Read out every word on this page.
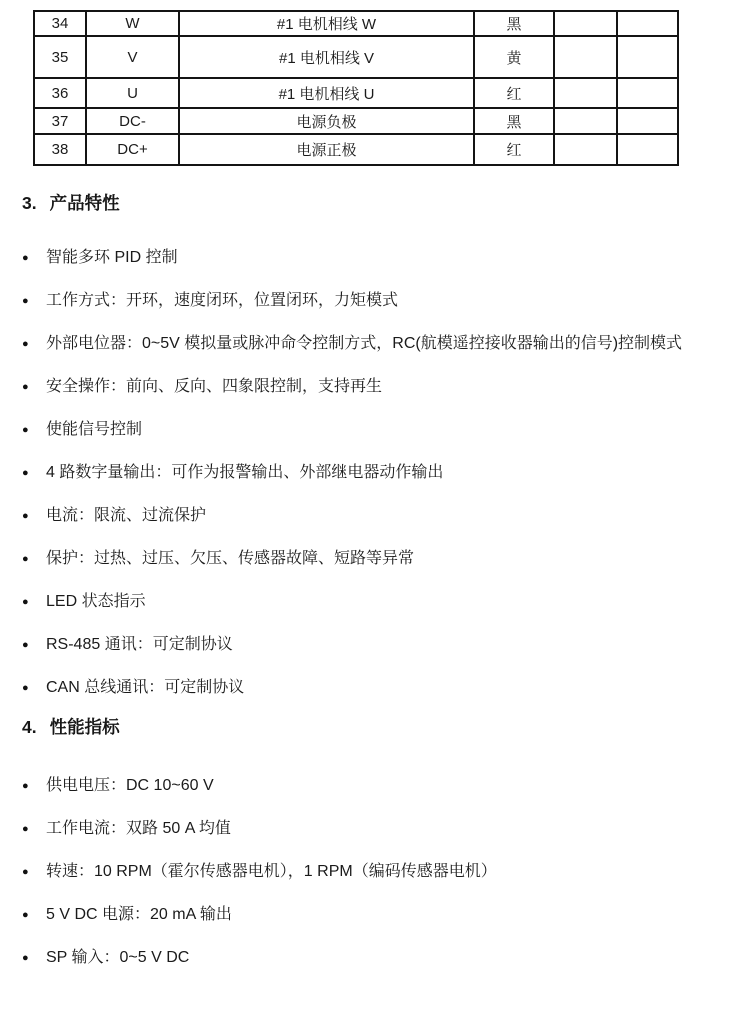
34	W	#1 电机相线 W	黑		
35	V	#1 电机相线 V	黄		
36	U	#1 电机相线 U	红		
37	DC-	电源负极	黑		
38	DC+	电源正极	红		
3. 产品特性
●	智能多环 PID 控制
●	工作方式：开环，速度闭环，位置闭环，力矩模式
●	外部电位器：0~5V 模拟量或脉冲命令控制方式，RC(航模遥控接收器输出的信号)控制模式
●	安全操作：前向、反向、四象限控制，支持再生
●	使能信号控制
●	4 路数字量输出：可作为报警输出、外部继电器动作输出
●	电流：限流、过流保护
●	保护：过热、过压、欠压、传感器故障、短路等异常
●	LED 状态指示
●	RS-485 通讯：可定制协议
●	CAN 总线通讯：可定制协议
4. 性能指标
●	供电电压：DC 10~60 V
●	工作电流：双路 50 A 均值
●	转速：10 RPM（霍尔传感器电机），1 RPM（编码传感器电机）
●	5 V DC 电源：20 mA 输出
●	SP 输入：0~5 V DC
